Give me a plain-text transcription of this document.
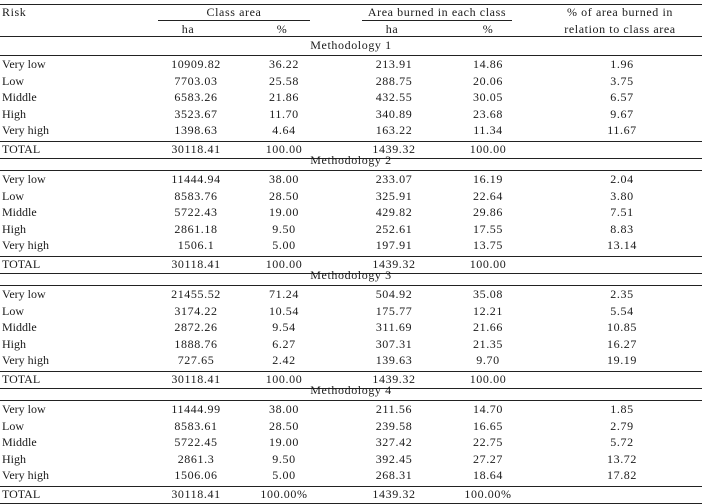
Risk	Class area	Area burned in each class	% of area burned in
ha	%	ha	%	relation to class area
Methodology 1
Very low	10909.82	36.22	213.91	14.86	1.96
Low	7703.03	25.58	288.75	20.06	3.75
Middle	6583.26	21.86	432.55	30.05	6.57
High	3523.67	11.70	340.89	23.68	9.67
Very high	1398.63	4.64	163.22	11.34	11.67
TOTAL	30118.41	100.00	1439.32	100.00
Methodology 2
Very low	11444.94	38.00	233.07	16.19	2.04
Low	8583.76	28.50	325.91	22.64	3.80
Middle	5722.43	19.00	429.82	29.86	7.51
High	2861.18	9.50	252.61	17.55	8.83
Very high	1506.1	5.00	197.91	13.75	13.14
TOTAL	30118.41	100.00	1439.32	100.00
Methodology 3
Very low	21455.52	71.24	504.92	35.08	2.35
Low	3174.22	10.54	175.77	12.21	5.54
Middle	2872.26	9.54	311.69	21.66	10.85
High	1888.76	6.27	307.31	21.35	16.27
Very high	727.65	2.42	139.63	9.70	19.19
TOTAL	30118.41	100.00	1439.32	100.00
Methodology 4
Very low	11444.99	38.00	211.56	14.70	1.85
Low	8583.61	28.50	239.58	16.65	2.79
Middle	5722.45	19.00	327.42	22.75	5.72
High	2861.3	9.50	392.45	27.27	13.72
Very high	1506.06	5.00	268.31	18.64	17.82
TOTAL	30118.41	100.00%	1439.32	100.00%
